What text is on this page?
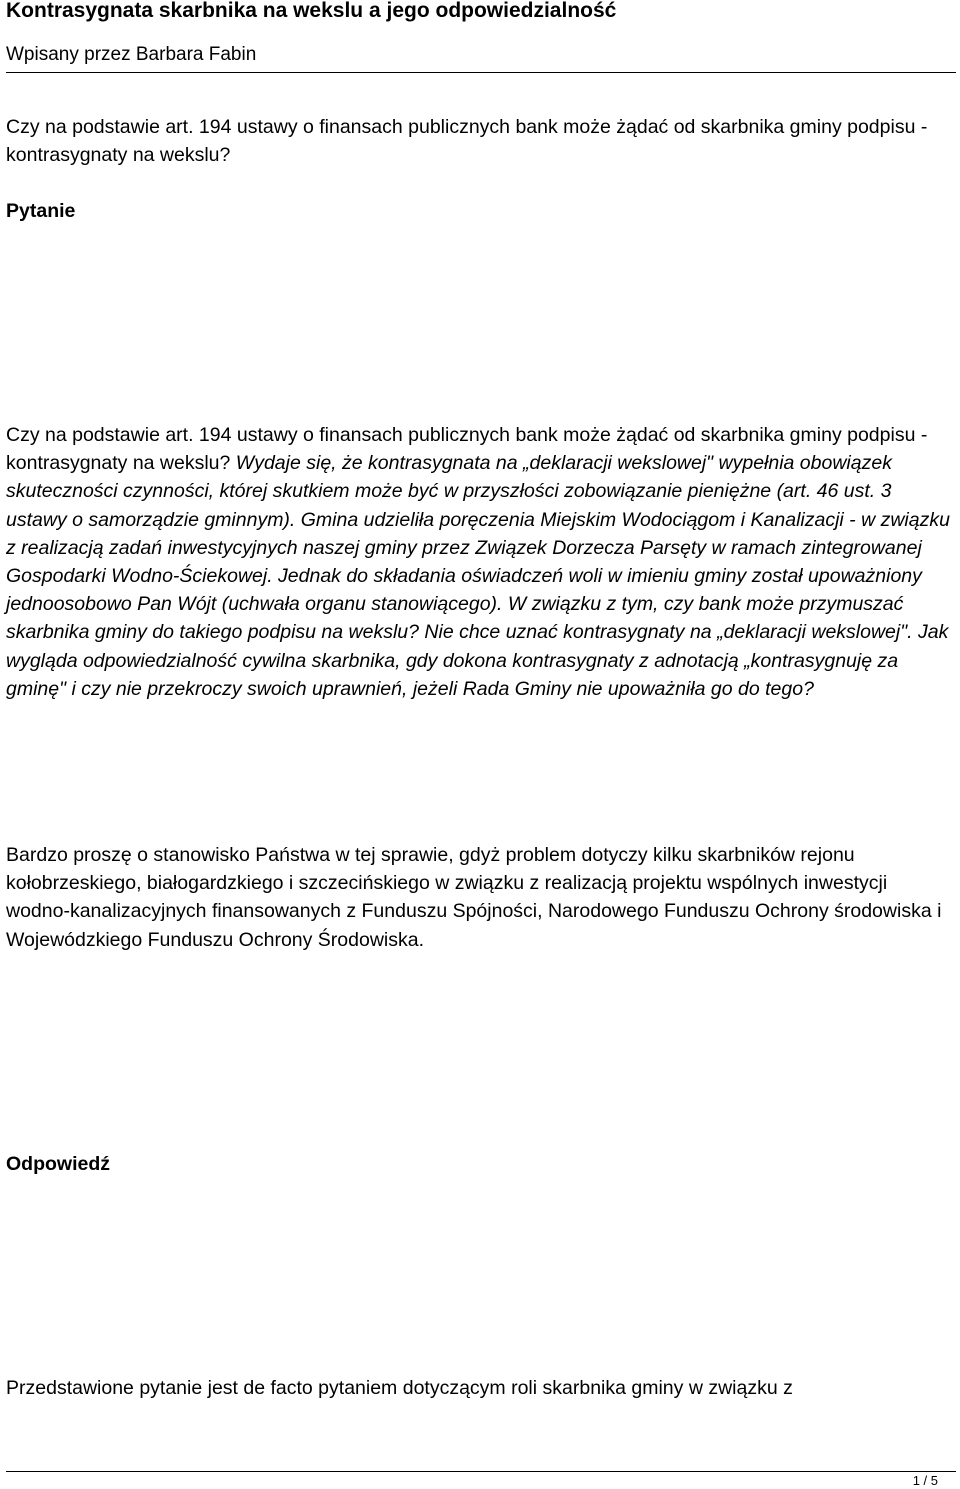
Kontrasygnata skarbnika na wekslu a jego odpowiedzialność
Wpisany przez Barbara Fabin

Czy na podstawie art. 194 ustawy o finansach publicznych bank może żądać od skarbnika gminy podpisu - kontrasygnaty na wekslu?

Pytanie

Czy na podstawie art. 194 ustawy o finansach publicznych bank może żądać od skarbnika gminy podpisu - kontrasygnaty na wekslu? Wydaje się, że kontrasygnata na „deklaracji wekslowej" wypełnia obowiązek skuteczności czynności, której skutkiem może być w przyszłości zobowiązanie pieniężne (art. 46 ust. 3 ustawy o samorządzie gminnym). Gmina udzieliła poręczenia Miejskim Wodociągom i Kanalizacji - w związku z realizacją zadań inwestycyjnych naszej gminy przez Związek Dorzecza Parsęty w ramach zintegrowanej Gospodarki Wodno-Ściekowej. Jednak do składania oświadczeń woli w imieniu gminy został upoważniony jednoosobowo Pan Wójt (uchwała organu stanowiącego). W związku z tym, czy bank może przymuszać skarbnika gminy do takiego podpisu na wekslu? Nie chce uznać kontrasygnaty na „deklaracji wekslowej". Jak wygląda odpowiedzialność cywilna skarbnika, gdy dokona kontrasygnaty z adnotacją „kontrasygnuję za gminę" i czy nie przekroczy swoich uprawnień, jeżeli Rada Gminy nie upoważniła go do tego?

Bardzo proszę o stanowisko Państwa w tej sprawie, gdyż problem dotyczy kilku skarbników rejonu kołobrzeskiego, białogardzkiego i szczecińskiego w związku z realizacją projektu wspólnych inwestycji wodno-kanalizacyjnych finansowanych z Funduszu Spójności, Narodowego Funduszu Ochrony środowiska i Wojewódzkiego Funduszu Ochrony Środowiska.

Odpowiedź

Przedstawione pytanie jest de facto pytaniem dotyczącym roli skarbnika gminy w związku z

1 / 5
